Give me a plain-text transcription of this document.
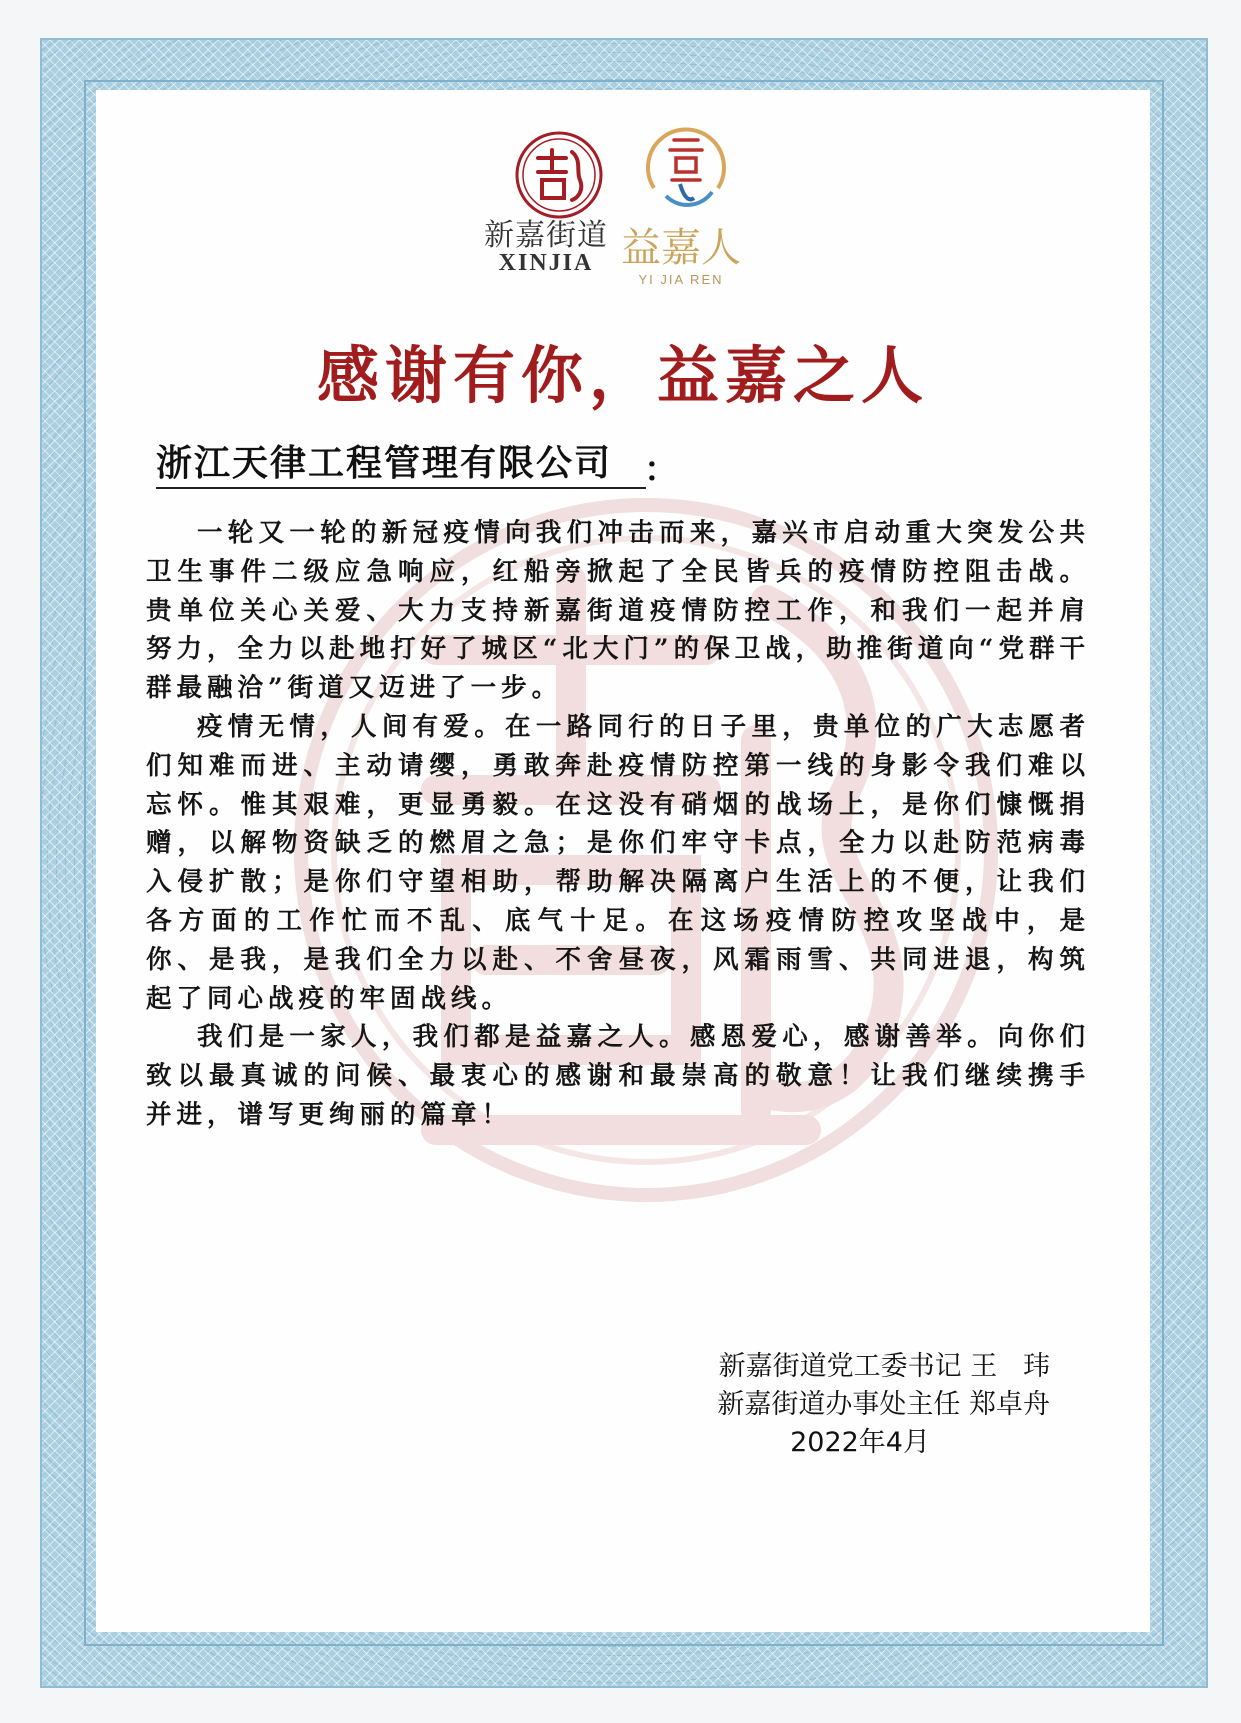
新嘉街道
XINJIA 益嘉人
YI JIA REN
感谢有你，益嘉之人
浙江天律工程管理有限公司 ：

一轮又一轮的新冠疫情向我们冲击而来，嘉兴市启动重大突发公共卫生事件二级应急响应，红船旁掀起了全民皆兵的疫情防控阻击战。贵单位关心关爱、大力支持新嘉街道疫情防控工作，和我们一起并肩努力，全力以赴地打好了城区“北大门”的保卫战，助推街道向“党群干群最融洽”街道又迈进了一步。

疫情无情，人间有爱。在一路同行的日子里，贵单位的广大志愿者们知难而进、主动请缨，勇敢奔赴疫情防控第一线的身影令我们难以忘怀。惟其艰难，更显勇毅。在这没有硝烟的战场上，是你们慷慨捐赠，以解物资缺乏的燃眉之急；是你们牢守卡点，全力以赴防范病毒入侵扩散；是你们守望相助，帮助解决隔离户生活上的不便，让我们各方面的工作忙而不乱、底气十足。在这场疫情防控攻坚战中，是你、是我，是我们全力以赴、不舍昼夜，风霜雨雪、共同进退，构筑起了同心战疫的牢固战线。

我们是一家人，我们都是益嘉之人。感恩爱心，感谢善举。向你们致以最真诚的问候、最衷心的感谢和最崇高的敬意！让我们继续携手并进，谱写更绚丽的篇章！

新嘉街道党工委书记 王   玮
新嘉街道办事处主任 郑卓舟
2022年4月
